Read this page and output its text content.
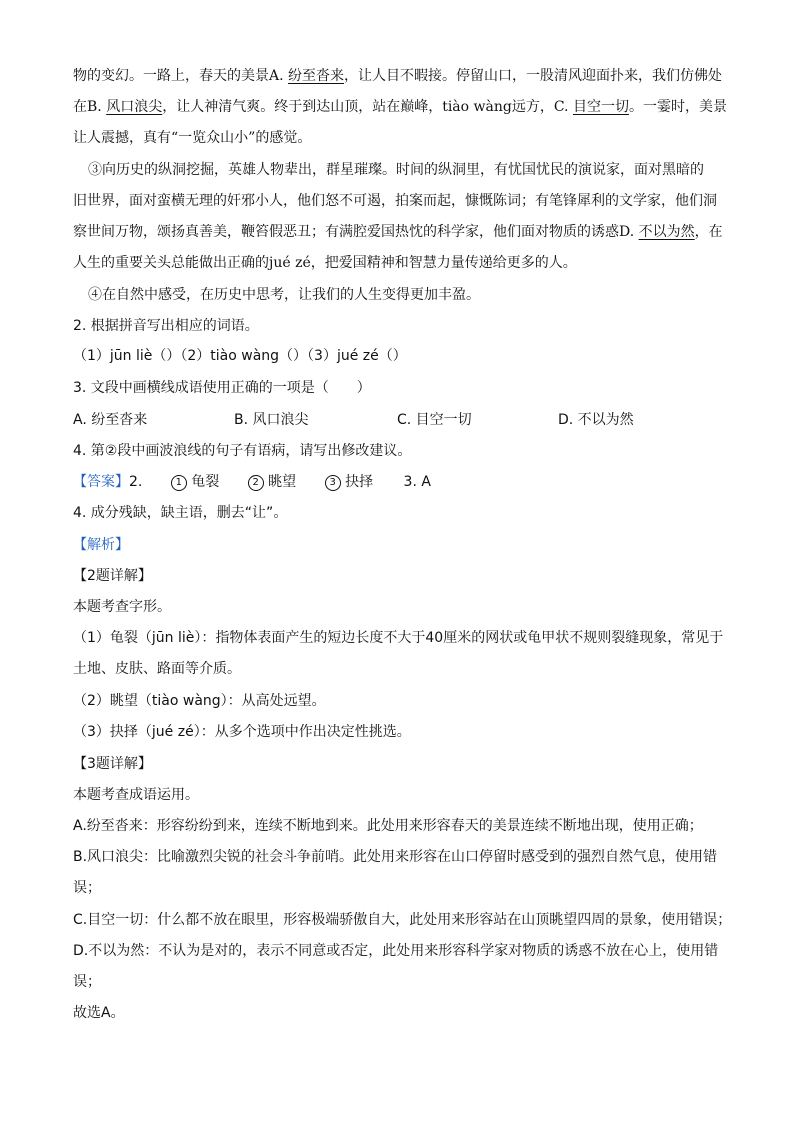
物的变幻。一路上，春天的美景A. 纷至沓来，让人目不暇接。停留山口，一股清风迎面扑来，我们仿佛处
在B. 风口浪尖，让人神清气爽。终于到达山顶，站在巅峰，tiào wàng远方，C. 目空一切。一霎时，美景
让人震撼，真有“一览众山小”的感觉。
③向历史的纵洞挖掘，英雄人物辈出，群星璀璨。时间的纵洞里，有忧国忧民的演说家，面对黑暗的
旧世界，面对蛮横无理的奸邪小人，他们怒不可遏，拍案而起，慷慨陈词；有笔锋犀利的文学家，他们洞
察世间万物，颂扬真善美，鞭笞假恶丑；有满腔爱国热忱的科学家，他们面对物质的诱惑D. 不以为然，在
人生的重要关头总能做出正确的jué zé，把爱国精神和智慧力量传递给更多的人。
④在自然中感受，在历史中思考，让我们的人生变得更加丰盈。
2. 根据拼音写出相应的词语。
（1）jūn liè（）（2）tiào wàng（）（3）jué zé（）
3. 文段中画横线成语使用正确的一项是（　　）
A. 纷至沓来	B. 风口浪尖	C. 目空一切	D. 不以为然
4. 第②段中画波浪线的句子有语病，请写出修改建议。
【答案】2.	1 龟裂	2 眺望	3 抉择 3. A
4. 成分残缺，缺主语，删去“让”。
【解析】
【2题详解】
本题考查字形。
（1）龟裂（jūn liè）：指物体表面产生的短边长度不大于40厘米的网状或龟甲状不规则裂缝现象，常见于
土地、皮肤、路面等介质。
（2）眺望（tiào wàng）：从高处远望。
（3）抉择（jué zé）：从多个选项中作出决定性挑选。
【3题详解】
本题考查成语运用。
A.纷至沓来：形容纷纷到来，连续不断地到来。此处用来形容春天的美景连续不断地出现，使用正确；
B.风口浪尖：比喻激烈尖锐的社会斗争前哨。此处用来形容在山口停留时感受到的强烈自然气息，使用错
误；
C.目空一切：什么都不放在眼里，形容极端骄傲自大，此处用来形容站在山顶眺望四周的景象，使用错误；
D.不以为然：不认为是对的，表示不同意或否定，此处用来形容科学家对物质的诱惑不放在心上，使用错
误；
故选A。
